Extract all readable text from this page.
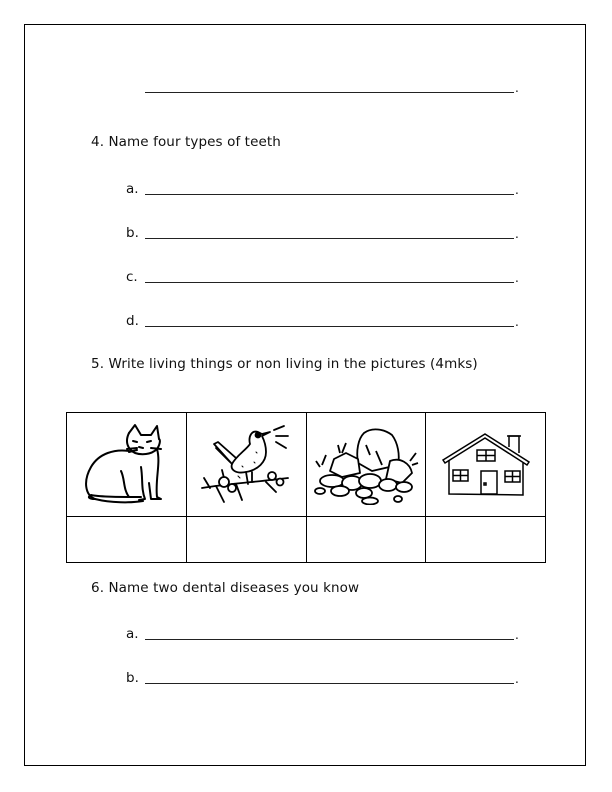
.
4. Name four types of teeth
a.	.
b.	.
c.	.
d.	.
5. Write living things or non living in the pictures (4mks)

6. Name two dental diseases you know
a.	.
b.	.
